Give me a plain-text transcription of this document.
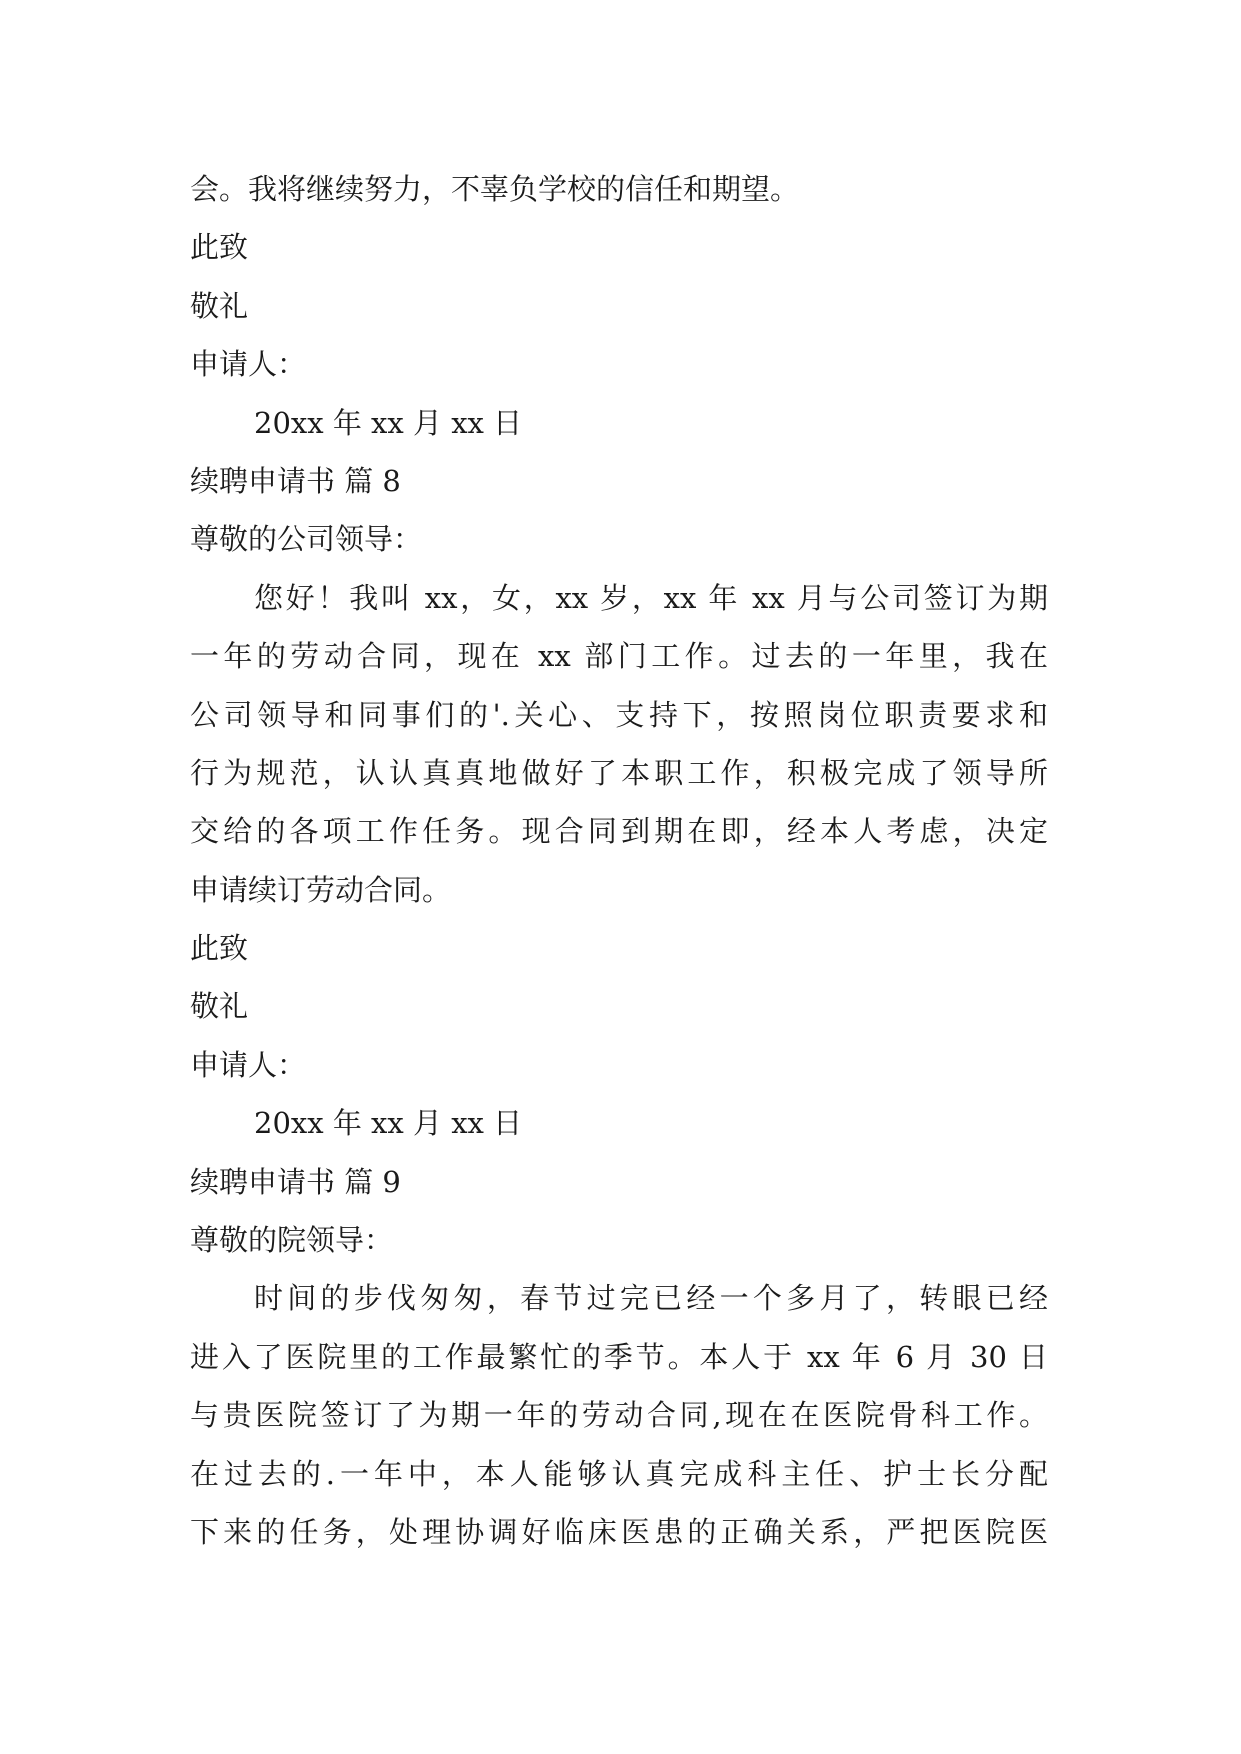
会。我将继续努力，不辜负学校的信任和期望。
此致
敬礼
申请人：
20xx 年 xx 月 xx 日
续聘申请书 篇 8
尊敬的公司领导：
您好！我叫 xx，女，xx 岁，xx 年 xx 月与公司签订为期
一年的劳动合同，现在 xx 部门工作。过去的一年里，我在
公司领导和同事们的'.关心、支持下，按照岗位职责要求和
行为规范，认认真真地做好了本职工作，积极完成了领导所
交给的各项工作任务。现合同到期在即，经本人考虑，决定
申请续订劳动合同。
此致
敬礼
申请人：
20xx 年 xx 月 xx 日
续聘申请书 篇 9
尊敬的院领导：
时间的步伐匆匆，春节过完已经一个多月了，转眼已经
进入了医院里的工作最繁忙的季节。本人于 xx 年 6 月 30 日
与贵医院签订了为期一年的劳动合同,现在在医院骨科工作。
在过去的.一年中，本人能够认真完成科主任、护士长分配
下来的任务，处理协调好临床医患的正确关系，严把医院医
